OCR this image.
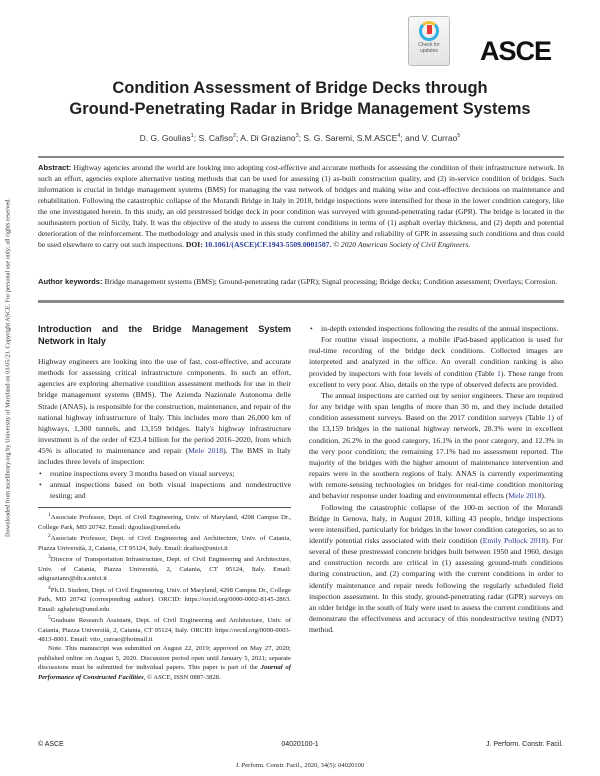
Downloaded from ascelibrary.org by University of Maryland on 03/05/23. Copyright ASCE. For personal use only; all rights reserved.
Check for
updates	ASCE
Condition Assessment of Bridge Decks through
Ground-Penetrating Radar in Bridge Management Systems
D. G. Goulias$^1$; S. Cafiso$^2$; A. Di Graziano$^3$; S. G. Saremi, S.M.ASCE$^4$; and V. Currao$^5$
Abstract: Highway agencies around the world are looking into adopting cost-effective and accurate methods for assessing the condition of their infrastructure network. In such an effort, agencies explore alternative testing methods that can be used for assessing (1) as-built construction quality, and (2) in-service condition of bridges. Such information is crucial in bridge management systems (BMS) for managing the vast network of bridges and making wise and cost-effective decisions on maintenance and rehabilitation. Following the catastrophic collapse of the Morandi Bridge in Italy in 2018, bridge inspections were intensified for those in the lower condition category, like the one investigated herein. In this study, an old prestressed bridge deck in poor condition was surveyed with ground-penetrating radar (GPR). The bridge is located in the southeastern portion of Sicily, Italy. It was the objective of the study to assess the current conditions in terms of (1) asphalt overlay thickness, and (2) depth and potential deterioration of the reinforcement. The methodology and analysis used in this study confirmed the ability and reliability of GPR in assessing such conditions and thus could be used elsewhere to carry out such inspections. DOI: 10.1061/(ASCE)CF.1943-5509.0001507. © 2020 American Society of Civil Engineers.
Author keywords: Bridge management systems (BMS); Ground-penetrating radar (GPR); Signal processing; Bridge decks; Condition assessment; Overlays; Corrosion.
Introduction and the Bridge Management System Network in Italy

Highway engineers are looking into the use of fast, cost-effective, and accurate methods for assessing critical infrastructure components. In such an effort, agencies are exploring alternative condition assessment methods for use in their bridge management systems (BMS). The Azienda Nazionale Autonoma delle Strade (ANAS), is responsible for the construction, maintenance, and repair of the national highway infrastructure of Italy. This includes more than 26,000 km of highways, 1,300 tunnels, and 13,159 bridges. Italy's highway infrastructure investment is of the order of €23.4 billion for the period 2016–2020, from which 45% is allocated to maintenance and repair (Mele 2018). The BMS in Italy includes three levels of inspection:

• routine inspections every 3 months based on visual surveys;
• annual inspections based on both visual inspections and nondestructive testing; and

$^1$Associate Professor, Dept. of Civil Engineering, Univ. of Maryland, 4298 Campus Dr., College Park, MD 20742. Email: dgoulias@umd.edu

$^2$Associate Professor, Dept. of Civil Engineering and Architecture, Univ. of Catania, Piazza Università, 2, Catania, CT 95124, Italy. Email: dcafiso@unict.it

$^3$Director of Transportation Infrastructure, Dept. of Civil Engineering and Architecture, Univ. of Catania, Piazza Università, 2, Catania, CT 95124, Italy. Email: adigraziano@dica.unict.it

$^4$Ph.D. Student, Dept. of Civil Engineering, Univ. of Maryland, 4298 Campus Dr., College Park, MD 20742 (corresponding author). ORCID: https://orcid.org/0000-0002-8145-2863. Email: sghahris@umd.edu

$^5$Graduate Research Assistant, Dept. of Civil Engineering and Architecture, Univ. of Catania, Piazza Università, 2, Catania, CT 95124, Italy. ORCID: https://orcid.org/0000-0003-4813-8001. Email: vito_currao@hotmail.it

Note. This manuscript was submitted on August 22, 2019; approved on May 27, 2020; published online on August 5, 2020. Discussion period open until January 5, 2021; separate discussions must be submitted for individual papers. This paper is part of the Journal of Performance of Constructed Facilities, © ASCE, ISSN 0887-3828.

• in-depth extended inspections following the results of the annual inspections.

For routine visual inspections, a mobile iPad-based application is used for real-time recording of the bridge deck conditions. Collected images are interpreted and analyzed in the office. An overall condition ranking is also provided by inspectors with four levels of condition (Table 1). These range from excellent to very poor. Also, details on the type of observed defects are provided.

The annual inspections are carried out by senior engineers. These are required for any bridge with span lengths of more than 30 m, and they include detailed condition assessment surveys. Based on the 2017 condition surveys (Table 1) of the 13,159 bridges in the national highway network, 28.3% were in excellent condition, 26.2% in the good category, 16.1% in the poor category, and 12.3% in the very poor condition; the remaining 17.1% had no assessment reported. The majority of the bridges with the higher amount of maintenance intervention and repairs were in the southern regions of Italy. ANAS is currently experimenting with remote-sensing technologies on bridges for real-time condition monitoring and behavior response under loading and environmental effects (Mele 2018).

Following the catastrophic collapse of the 100-m section of the Morandi Bridge in Genova, Italy, in August 2018, killing 43 people, bridge inspections were intensified, particularly for bridges in the lower condition categories, so as to identify potential risks associated with their condition (Emily Pollock 2018). For several of these prestressed concrete bridges built between 1950 and 1960, design and construction records are critical in (1) assessing ground-truth conditions during construction, and (2) comparing with the current conditions in order to identify maintenance and repair needs following the regularly scheduled field inspection assessment. In this study, ground-penetrating radar (GPR) surveys on an older bridge in the south of Italy were used to assess the current conditions and demonstrate the effectiveness and accuracy of this nondestructive testing (NDT) method.

© ASCE	04020100-1	J. Perform. Constr. Facil.
J. Perform. Constr. Facil., 2020, 34(5): 04020100
